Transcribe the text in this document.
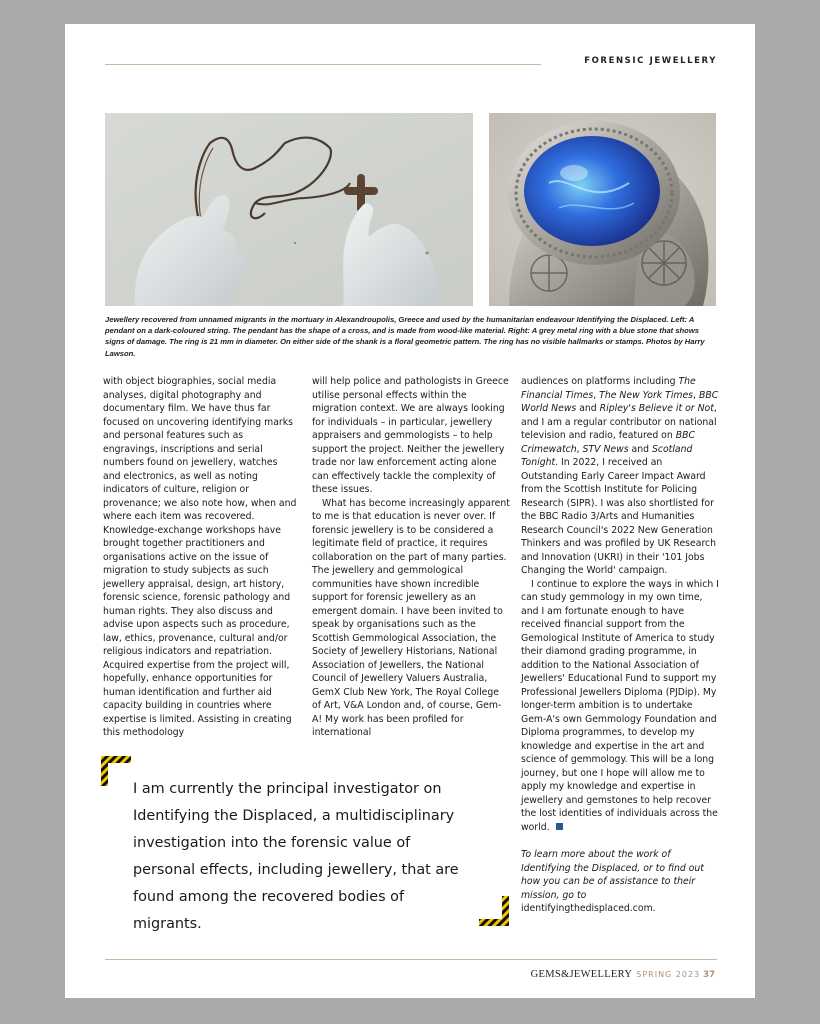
FORENSIC JEWELLERY
Jewellery recovered from unnamed migrants in the mortuary in Alexandroupolis, Greece and used by the humanitarian endeavour Identifying the Displaced. Left: A pendant on a dark-coloured string. The pendant has the shape of a cross, and is made from wood-like material. Right: A grey metal ring with a blue stone that shows signs of damage. The ring is 21 mm in diameter. On either side of the shank is a floral geometric pattern. The ring has no visible hallmarks or stamps. Photos by Harry Lawson.

with object biographies, social media analyses, digital photography and documentary film. We have thus far focused on uncovering identifying marks and personal features such as engravings, inscriptions and serial numbers found on jewellery, watches and electronics, as well as noting indicators of culture, religion or provenance; we also note how, when and where each item was recovered. Knowledge-exchange workshops have brought together practitioners and organisations active on the issue of migration to study subjects as such jewellery appraisal, design, art history, forensic science, forensic pathology and human rights. They also discuss and advise upon aspects such as procedure, law, ethics, provenance, cultural and/or religious indicators and repatriation. Acquired expertise from the project will, hopefully, enhance opportunities for human identification and further aid capacity building in countries where expertise is limited. Assisting in creating this methodology

will help police and pathologists in Greece utilise personal effects within the migration context. We are always looking for individuals – in particular, jewellery appraisers and gemmologists – to help support the project. Neither the jewellery trade nor law enforcement acting alone can effectively tackle the complexity of these issues.

What has become increasingly apparent to me is that education is never over. If forensic jewellery is to be considered a legitimate field of practice, it requires collaboration on the part of many parties. The jewellery and gemmological communities have shown incredible support for forensic jewellery as an emergent domain. I have been invited to speak by organisations such as the Scottish Gemmological Association, the Society of Jewellery Historians, National Association of Jewellers, the National Council of Jewellery Valuers Australia, GemX Club New York, The Royal College of Art, V&A London and, of course, Gem-A! My work has been profiled for international

audiences on platforms including The Financial Times, The New York Times, BBC World News and Ripley's Believe it or Not, and I am a regular contributor on national television and radio, featured on BBC Crimewatch, STV News and Scotland Tonight. In 2022, I received an Outstanding Early Career Impact Award from the Scottish Institute for Policing Research (SIPR). I was also shortlisted for the BBC Radio 3/Arts and Humanities Research Council's 2022 New Generation Thinkers and was profiled by UK Research and Innovation (UKRI) in their '101 Jobs Changing the World' campaign.

I continue to explore the ways in which I can study gemmology in my own time, and I am fortunate enough to have received financial support from the Gemological Institute of America to study their diamond grading programme, in addition to the National Association of Jewellers' Educational Fund to support my Professional Jewellers Diploma (PJDip). My longer-term ambition is to undertake Gem-A's own Gemmology Foundation and Diploma programmes, to develop my knowledge and expertise in the art and science of gemmology. This will be a long journey, but one I hope will allow me to apply my knowledge and expertise in jewellery and gemstones to help recover the lost identities of individuals across the world.

To learn more about the work of Identifying the Displaced, or to find out how you can be of assistance to their mission, go to identifyingthedisplaced.com.

I am currently the principal investigator on Identifying the Displaced, a multidisciplinary investigation into the forensic value of personal effects, including jewellery, that are found among the recovered bodies of migrants.
GEMS&JEWELLERY SPRING 2023 37
